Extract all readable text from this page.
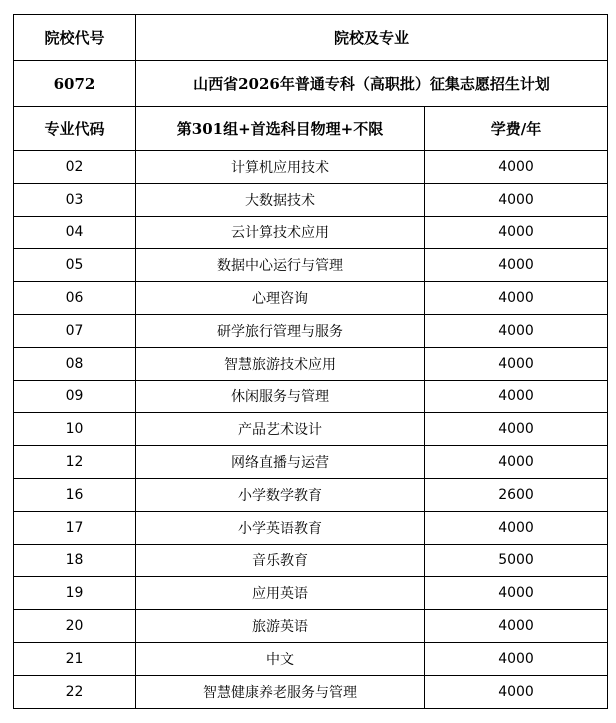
院校代号	院校及专业	
6072	山西省2026年普通专科（高职批）征集志愿招生计划	
专业代码	第301组+首选科目物理+不限	学费/年
02	计算机应用技术	4000
03	大数据技术	4000
04	云计算技术应用	4000
05	数据中心运行与管理	4000
06	心理咨询	4000
07	研学旅行管理与服务	4000
08	智慧旅游技术应用	4000
09	休闲服务与管理	4000
10	产品艺术设计	4000
12	网络直播与运营	4000
16	小学数学教育	2600
17	小学英语教育	4000
18	音乐教育	5000
19	应用英语	4000
20	旅游英语	4000
21	中文	4000
22	智慧健康养老服务与管理	4000
